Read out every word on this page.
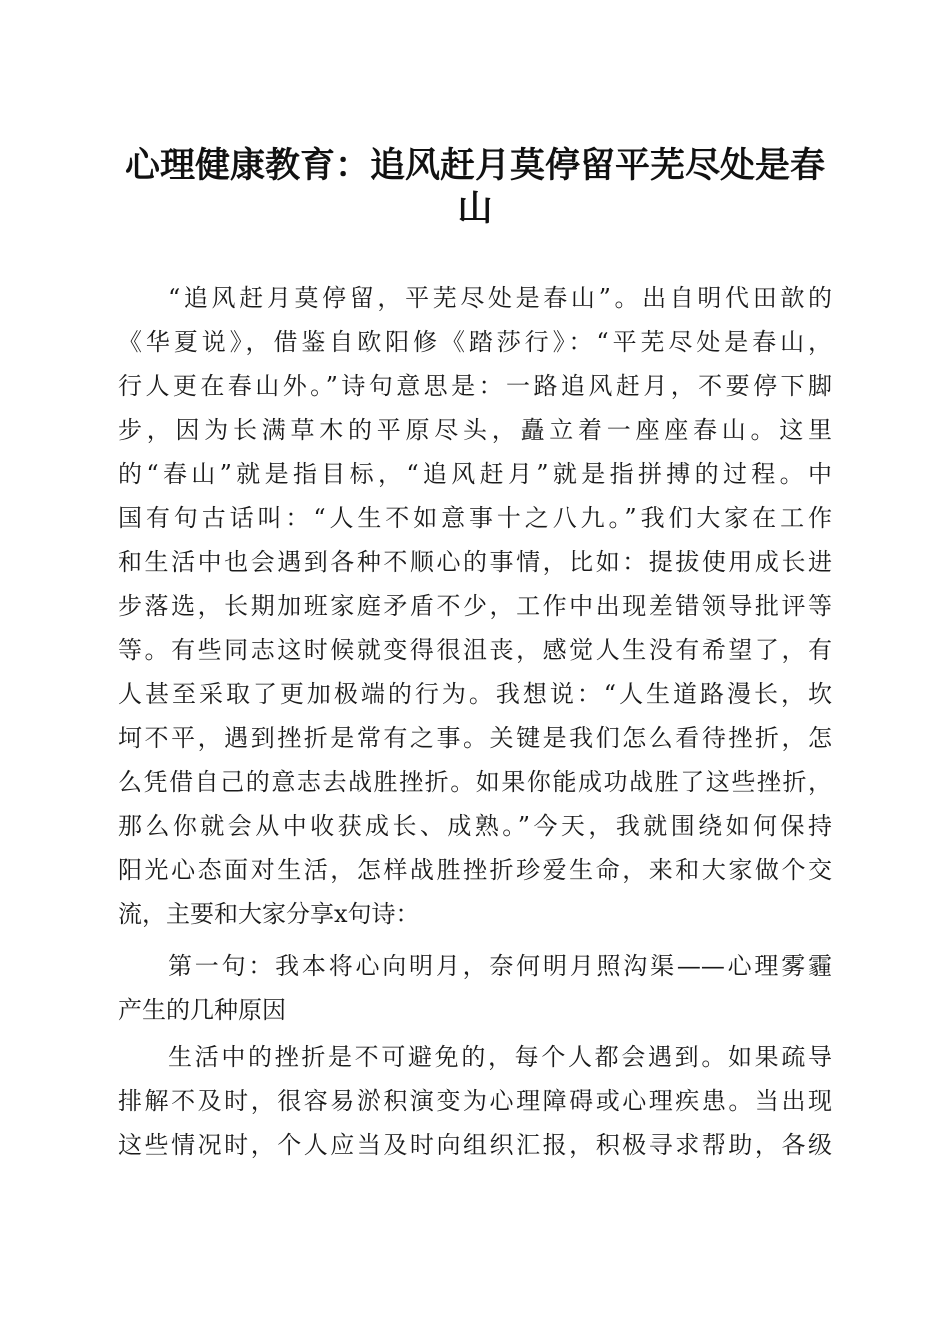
心理健康教育：追风赶月莫停留平芜尽处是春
山
“追风赶月莫停留，平芜尽处是春山”。出自明代田歆的
《华夏说》，借鉴自欧阳修《踏莎行》：“平芜尽处是春山，
行人更在春山外。”诗句意思是：一路追风赶月，不要停下脚
步，因为长满草木的平原尽头，矗立着一座座春山。这里
的“春山”就是指目标，“追风赶月”就是指拼搏的过程。中
国有句古话叫：“人生不如意事十之八九。”我们大家在工作
和生活中也会遇到各种不顺心的事情，比如：提拔使用成长进
步落选，长期加班家庭矛盾不少，工作中出现差错领导批评等
等。有些同志这时候就变得很沮丧，感觉人生没有希望了，有
人甚至采取了更加极端的行为。我想说：“人生道路漫长，坎
坷不平，遇到挫折是常有之事。关键是我们怎么看待挫折，怎
么凭借自己的意志去战胜挫折。如果你能成功战胜了这些挫折，
那么你就会从中收获成长、成熟。”今天，我就围绕如何保持
阳光心态面对生活，怎样战胜挫折珍爱生命，来和大家做个交
流，主要和大家分享x句诗：
第一句：我本将心向明月，奈何明月照沟渠——心理雾霾
产生的几种原因
生活中的挫折是不可避免的，每个人都会遇到。如果疏导
排解不及时，很容易淤积演变为心理障碍或心理疾患。当出现
这些情况时，个人应当及时向组织汇报，积极寻求帮助，各级
